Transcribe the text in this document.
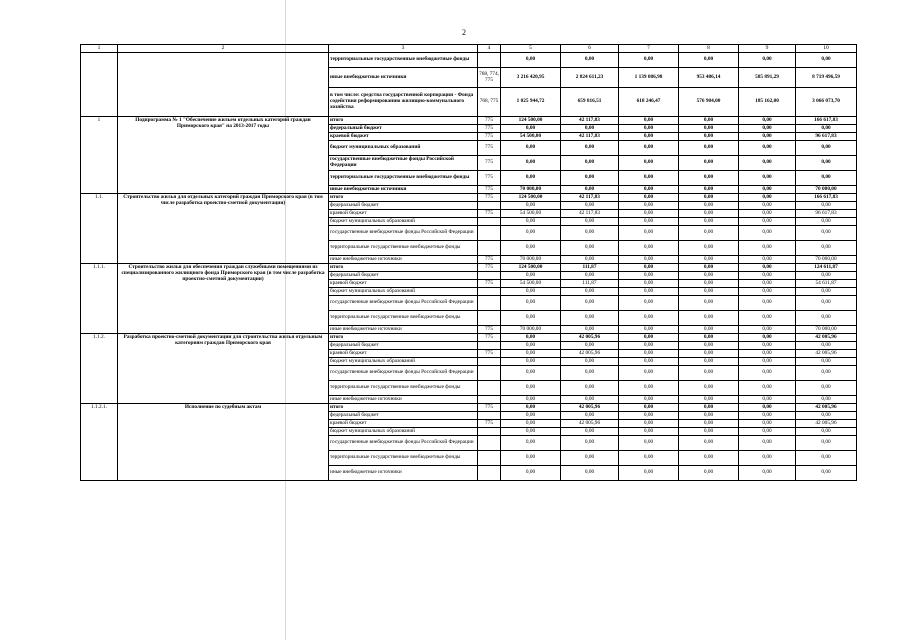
2
1	2	3	4	5	6	7	8	9	10
		территориальные государственные внебюджетные фонды		0,00	0,00	0,00	0,00	0,00	0,00
		иные внебюджетные источники	768, 774, 775	3 216 420,95	2 824 611,23	1 139 086,98	953 486,14	585 891,29	8 719 496,59
		в том числе: средства государственной корпорации - Фонда содействия реформированию жилищно-коммунального хозяйства	768, 775	1 025 944,72	659 816,51	618 246,47	576 904,00	185 162,00	3 066 073,70
1	Подпрограмма № 1 "Обеспечение жильем отдельных категорий граждан Приморского края" на 2013-2017 годы	итого	775	124 500,00	42 117,83	0,00	0,00	0,00	166 617,83
		федеральный бюджет	775	0,00	0,00	0,00	0,00	0,00	0,00
		краевой бюджет	775	54 500,00	42 117,83	0,00	0,00	0,00	96 617,83
		бюджет муниципальных образований	775	0,00	0,00	0,00	0,00	0,00	0,00
		государственные внебюджетные фонды Российской Федерации	775	0,00	0,00	0,00	0,00	0,00	0,00
		территориальные государственные внебюджетные фонды	775	0,00	0,00	0,00	0,00	0,00	0,00
		иные внебюджетные источники	775	70 000,00	0,00	0,00	0,00	0,00	70 000,00
1.1.	Строительство жилья для отдельных категорий граждан Приморского края (в том числе разработка проектно-сметной документации)	итого	775	124 500,00	42 117,83	0,00	0,00	0,00	166 617,83
		федеральный бюджет		0,00	0,00	0,00	0,00	0,00	0,00
		краевой бюджет	775	54 500,00	42 117,83	0,00	0,00	0,00	96 617,83
		бюджет муниципальных образований		0,00	0,00	0,00	0,00	0,00	0,00
		государственные внебюджетные фонды Российской Федерации		0,00	0,00	0,00	0,00	0,00	0,00
		территориальные государственные внебюджетные фонды		0,00	0,00	0,00	0,00	0,00	0,00
		иные внебюджетные источники	775	70 000,00	0,00	0,00	0,00	0,00	70 000,00
1.1.1.	Строительство жилья для обеспечения граждан служебными помещениями из специализированного жилищного фонда Приморского края (в том числе разработка проектно-сметной документации)	итого	775	124 500,00	111,87	0,00	0,00	0,00	124 611,87
		федеральный бюджет		0,00	0,00	0,00	0,00	0,00	0,00
		краевой бюджет	775	54 500,00	111,87	0,00	0,00	0,00	54 611,87
		бюджет муниципальных образований		0,00	0,00	0,00	0,00	0,00	0,00
		государственные внебюджетные фонды Российской Федерации		0,00	0,00	0,00	0,00	0,00	0,00
		территориальные государственные внебюджетные фонды		0,00	0,00	0,00	0,00	0,00	0,00
		иные внебюджетные источники	775	70 000,00	0,00	0,00	0,00	0,00	70 000,00
1.1.2.	Разработка проектно-сметной документации для строительства жилья отдельным категориям граждан Приморского края	итого	775	0,00	42 005,96	0,00	0,00	0,00	42 005,96
		федеральный бюджет		0,00	0,00	0,00	0,00	0,00	0,00
		краевой бюджет	775	0,00	42 005,96	0,00	0,00	0,00	42 005,96
		бюджет муниципальных образований		0,00	0,00	0,00	0,00	0,00	0,00
		государственные внебюджетные фонды Российской Федерации		0,00	0,00	0,00	0,00	0,00	0,00
		территориальные государственные внебюджетные фонды		0,00	0,00	0,00	0,00	0,00	0,00
		иные внебюджетные источники		0,00	0,00	0,00	0,00	0,00	0,00
1.1.2.1.	Исполнение по судебным актам	итого	775	0,00	42 005,96	0,00	0,00	0,00	42 005,96
		федеральный бюджет		0,00	0,00	0,00	0,00	0,00	0,00
		краевой бюджет	775	0,00	42 005,96	0,00	0,00	0,00	42 005,96
		бюджет муниципальных образований		0,00	0,00	0,00	0,00	0,00	0,00
		государственные внебюджетные фонды Российской Федерации		0,00	0,00	0,00	0,00	0,00	0,00
		территориальные государственные внебюджетные фонды		0,00	0,00	0,00	0,00	0,00	0,00
		иные внебюджетные источники		0,00	0,00	0,00	0,00	0,00	0,00
